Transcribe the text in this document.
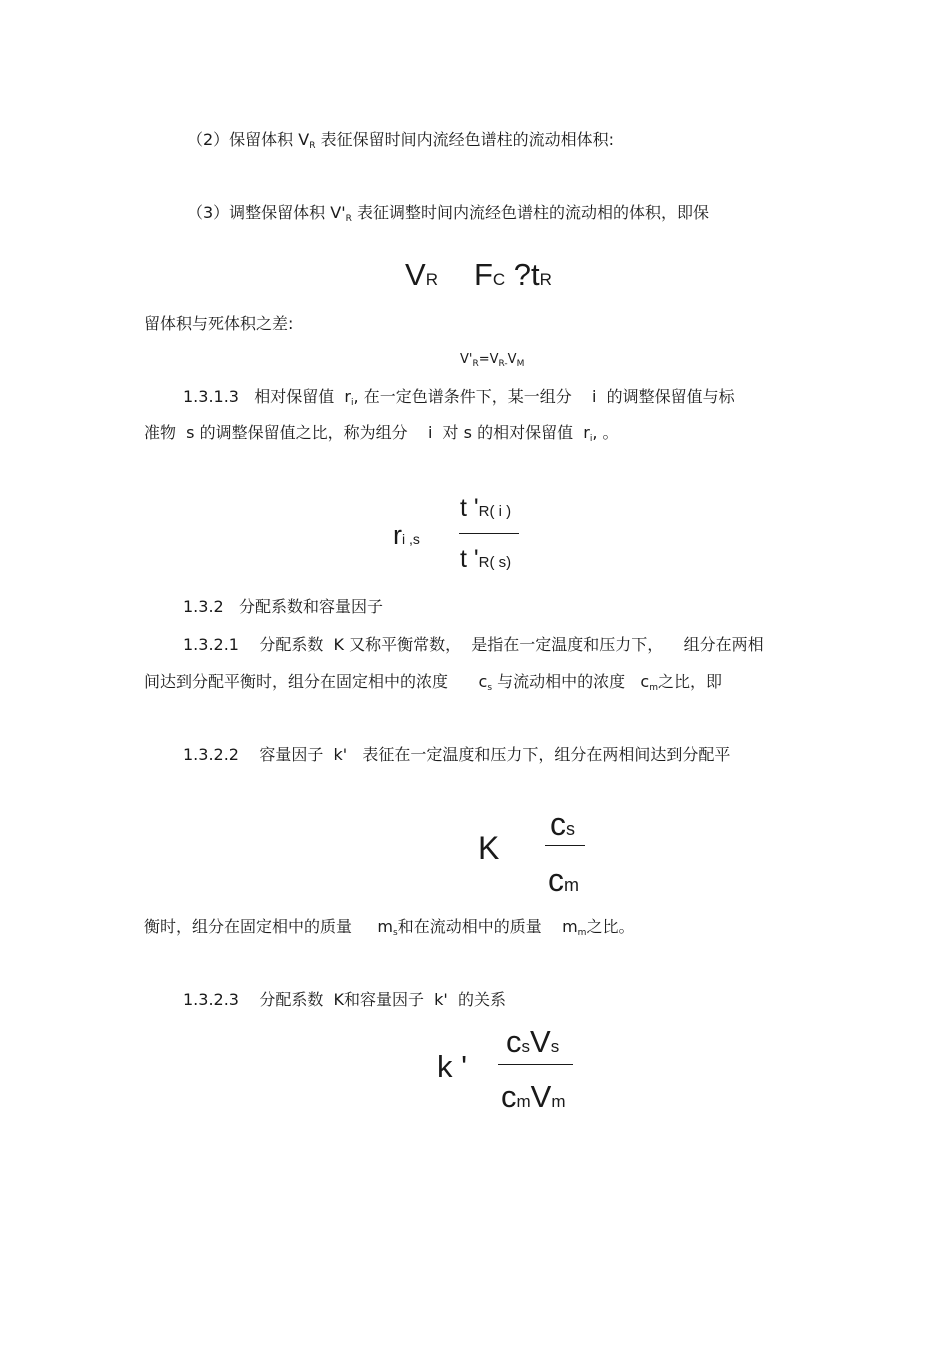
（2）保留体积 VR 表征保留时间内流经色谱柱的流动相体积:
（3）调整保留体积 V'R 表征调整时间内流经色谱柱的流动相的体积，即保
VR FC ?tR
留体积与死体积之差:
$V'_R=V_{R-}V_M$
1.3.1.3   相对保留值  ri, 在一定色谱条件下，某一组分    i  的调整保留值与标
准物  s 的调整保留值之比，称为组分    i  对 s 的相对保留值  ri, 。
ri ,s
t 'R( i )
t 'R( s)
1.3.2   分配系数和容量因子
1.3.2.1    分配系数  K 又称平衡常数，  是指在一定温度和压力下，    组分在两相
间达到分配平衡时，组分在固定相中的浓度      cs 与流动相中的浓度   cm之比，即
1.3.2.2    容量因子  k'   表征在一定温度和压力下，组分在两相间达到分配平
K
cs
cm
衡时，组分在固定相中的质量     ms和在流动相中的质量    mm之比。
1.3.2.3    分配系数  K和容量因子  k'  的关系
k '
csVs
cmVm
